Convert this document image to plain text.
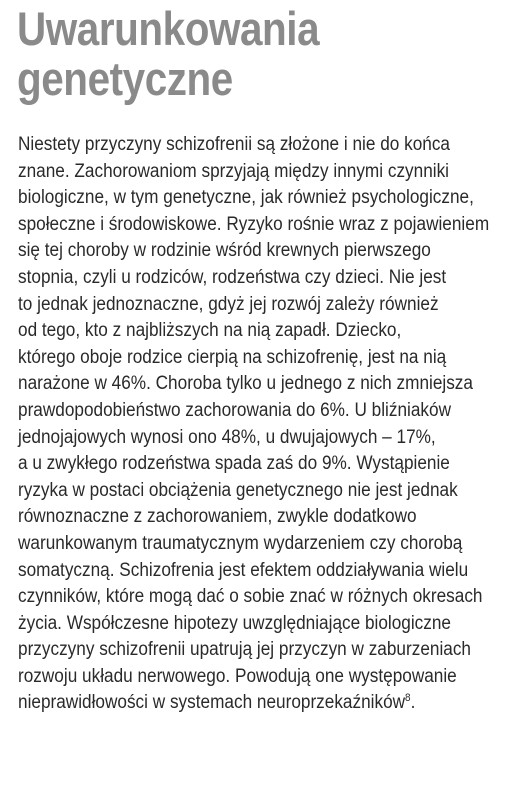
Uwarunkowania
genetyczne
Niestety przyczyny schizofrenii są złożone i nie do końca
znane. Zachorowaniom sprzyjają między innymi czynniki
biologiczne, w tym genetyczne, jak również psychologiczne,
społeczne i środowiskowe. Ryzyko rośnie wraz z pojawieniem
się tej choroby w rodzinie wśród krewnych pierwszego
stopnia, czyli u rodziców, rodzeństwa czy dzieci. Nie jest
to jednak jednoznaczne, gdyż jej rozwój zależy również
od tego, kto z najbliższych na nią zapadł. Dziecko,
którego oboje rodzice cierpią na schizofrenię, jest na nią
narażone w 46%. Choroba tylko u jednego z nich zmniejsza
prawdopodobieństwo zachorowania do 6%. U bliźniaków
jednojajowych wynosi ono 48%, u dwujajowych – 17%,
a u zwykłego rodzeństwa spada zaś do 9%. Wystąpienie
ryzyka w postaci obciążenia genetycznego nie jest jednak
równoznaczne z zachorowaniem, zwykle dodatkowo
warunkowanym traumatycznym wydarzeniem czy chorobą
somatyczną. Schizofrenia jest efektem oddziaływania wielu
czynników, które mogą dać o sobie znać w różnych okresach
życia. Współczesne hipotezy uwzględniające biologiczne
przyczyny schizofrenii upatrują jej przyczyn w zaburzeniach
rozwoju układu nerwowego. Powodują one występowanie
nieprawidłowości w systemach neuroprzekaźników$^8$.
